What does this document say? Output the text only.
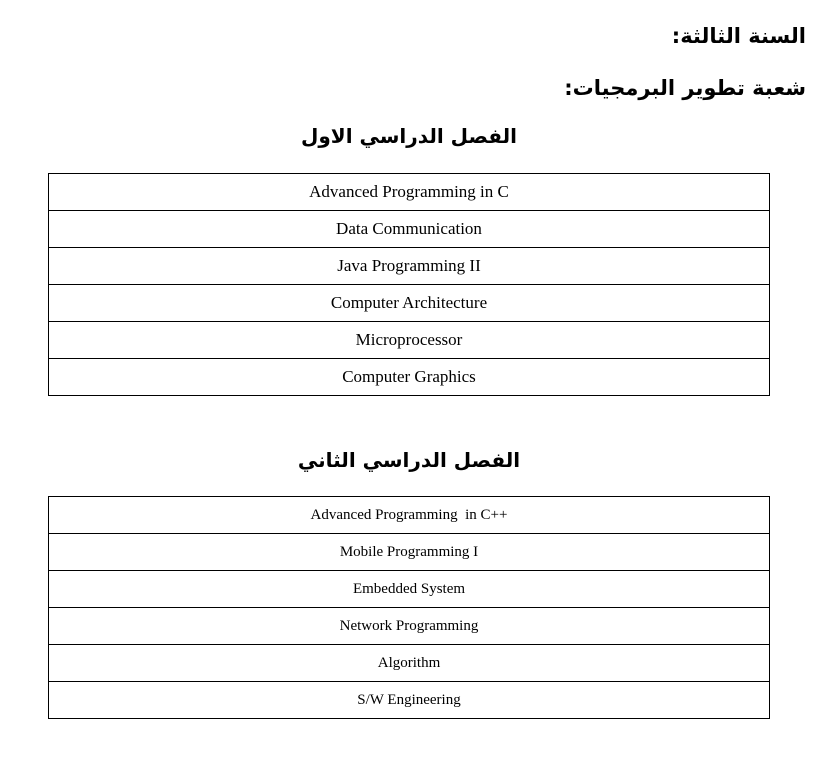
السنة الثالثة:
شعبة تطوير البرمجيات:
الفصل الدراسي الاول
Advanced Programming in C
Data Communication
Java Programming II
Computer Architecture
Microprocessor
Computer Graphics
الفصل الدراسي الثاني
Advanced Programming  in C++
Mobile Programming I
Embedded System
Network Programming
Algorithm
S/W Engineering
